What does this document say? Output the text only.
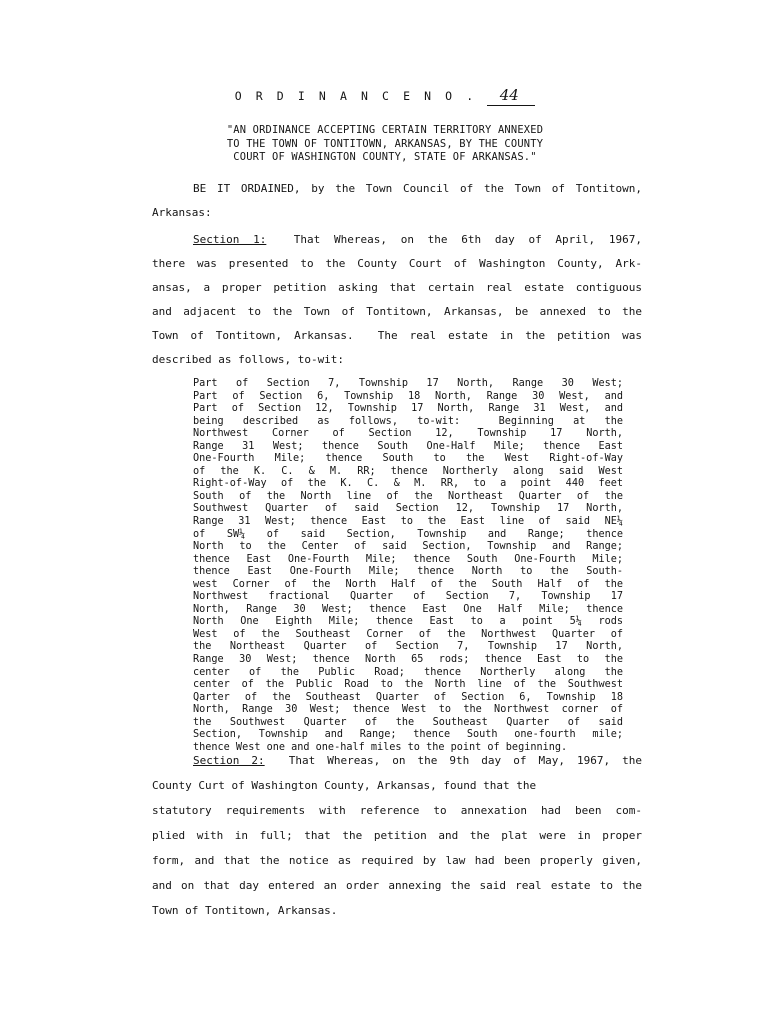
O R D I N A N C E N O . 44
"AN ORDINANCE ACCEPTING CERTAIN TERRITORY ANNEXED
TO THE TOWN OF TONTITOWN, ARKANSAS, BY THE COUNTY
COURT OF WASHINGTON COUNTY, STATE OF ARKANSAS."
BE IT ORDAINED, by the Town Council of the Town of Tontitown,
Arkansas:
Section 1:  That Whereas, on the 6th day of April, 1967,
there was presented to the County Court of Washington County, Ark-
ansas, a proper petition asking that certain real estate contiguous
and adjacent to the Town of Tontitown, Arkansas, be annexed to the
Town of Tontitown, Arkansas.  The real estate in the petition was
described as follows, to-wit:
Part of Section 7, Township 17 North, Range 30 West;
Part of Section 6, Township 18 North, Range 30 West, and
Part of Section 12, Township 17 North, Range 31 West, and
being described as follows, to-wit:  Beginning at the
Northwest Corner of Section 12, Township 17 North,
Range 31 West; thence South One-Half Mile; thence East
One-Fourth Mile; thence South to the West Right-of-Way
of the K. C. & M. RR; thence Northerly along said West
Right-of-Way of the K. C. & M. RR, to a point 440 feet
South of the North line of the Northeast Quarter of the
Southwest Quarter of said Section 12, Township 17 North,
Range 31 West; thence East to the East line of said NE¼
of SW¼ of said Section, Township and Range; thence
North to the Center of said Section, Township and Range;
thence East One-Fourth Mile; thence South One-Fourth Mile;
thence East One-Fourth Mile; thence North to the South-
west Corner of the North Half of the South Half of the
Northwest fractional Quarter of Section 7, Township 17
North, Range 30 West; thence East One Half Mile; thence
North One Eighth Mile; thence East to a point 5¼ rods
West of the Southeast Corner of the Northwest Quarter of
the Northeast Quarter of Section 7, Township 17 North,
Range 30 West; thence North 65 rods; thence East to the
center of the Public Road; thence Northerly along the
center of the Public Road to the North line of the Southwest
Qarter of the Southeast Quarter of Section 6, Township 18
North, Range 30 West; thence West to the Northwest corner of
the Southwest Quarter of the Southeast Quarter of said
Section, Township and Range; thence South one-fourth mile;
thence West one and one-half miles to the point of beginning.
Section 2:  That Whereas, on the 9th day of May, 1967, the
County Curt of Washington County, Arkansas, found that the
statutory requirements with reference to annexation had been com-
plied with in full; that the petition and the plat were in proper
form, and that the notice as required by law had been properly given,
and on that day entered an order annexing the said real estate to the
Town of Tontitown, Arkansas.
